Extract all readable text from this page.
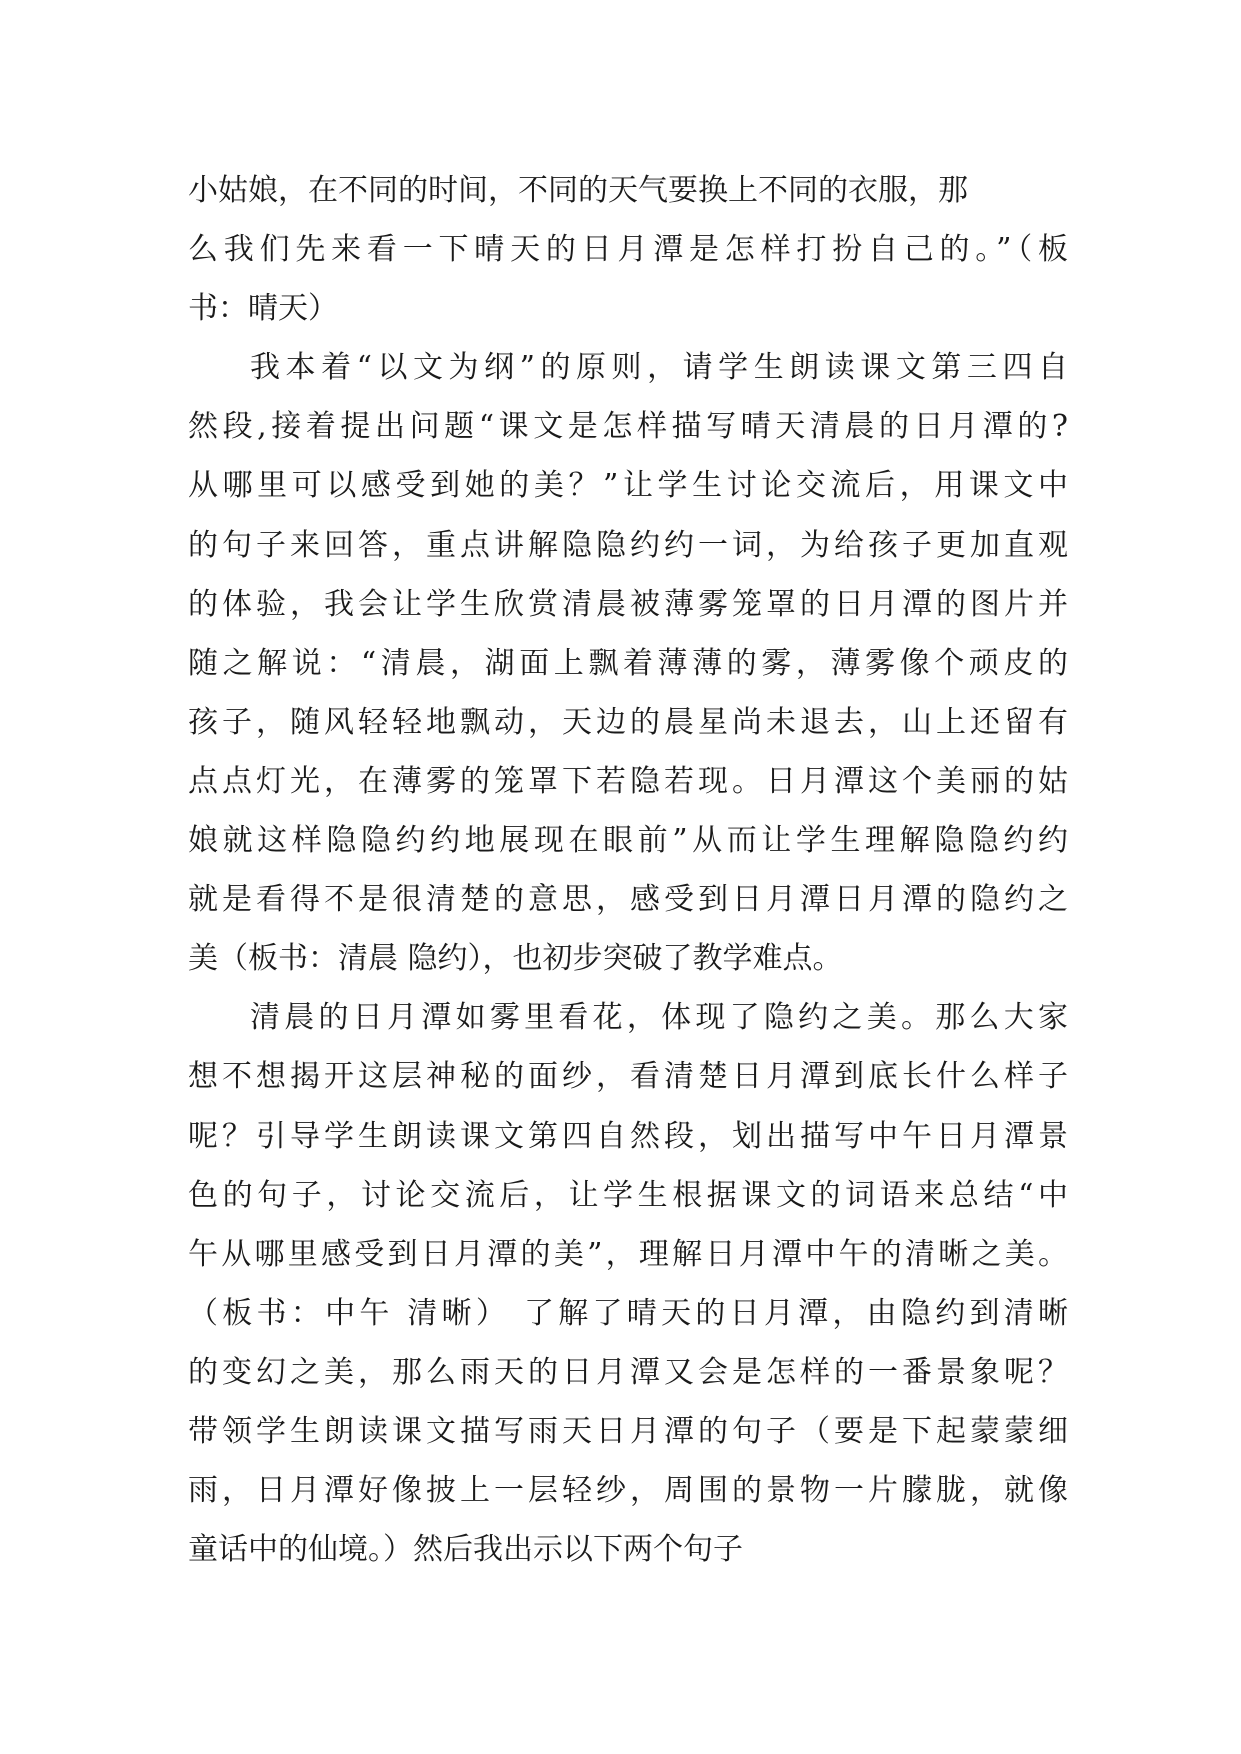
小姑娘，在不同的时间，不同的天气要换上不同的衣服，那
么我们先来看一下晴天的日月潭是怎样打扮自己的。”（板
书：晴天）
我本着“以文为纲”的原则，请学生朗读课文第三四自
然段,接着提出问题“课文是怎样描写晴天清晨的日月潭的?
从哪里可以感受到她的美？”让学生讨论交流后，用课文中
的句子来回答，重点讲解隐隐约约一词，为给孩子更加直观
的体验，我会让学生欣赏清晨被薄雾笼罩的日月潭的图片并
随之解说：“清晨，湖面上飘着薄薄的雾，薄雾像个顽皮的
孩子，随风轻轻地飘动，天边的晨星尚未退去，山上还留有
点点灯光，在薄雾的笼罩下若隐若现。日月潭这个美丽的姑
娘就这样隐隐约约地展现在眼前”从而让学生理解隐隐约约
就是看得不是很清楚的意思，感受到日月潭日月潭的隐约之
美（板书：清晨 隐约），也初步突破了教学难点。
清晨的日月潭如雾里看花，体现了隐约之美。那么大家
想不想揭开这层神秘的面纱，看清楚日月潭到底长什么样子
呢？引导学生朗读课文第四自然段，划出描写中午日月潭景
色的句子，讨论交流后，让学生根据课文的词语来总结“中
午从哪里感受到日月潭的美”，理解日月潭中午的清晰之美。
（板书：中午 清晰） 了解了晴天的日月潭，由隐约到清晰
的变幻之美，那么雨天的日月潭又会是怎样的一番景象呢？
带领学生朗读课文描写雨天日月潭的句子（要是下起蒙蒙细
雨，日月潭好像披上一层轻纱，周围的景物一片朦胧，就像
童话中的仙境。）然后我出示以下两个句子
